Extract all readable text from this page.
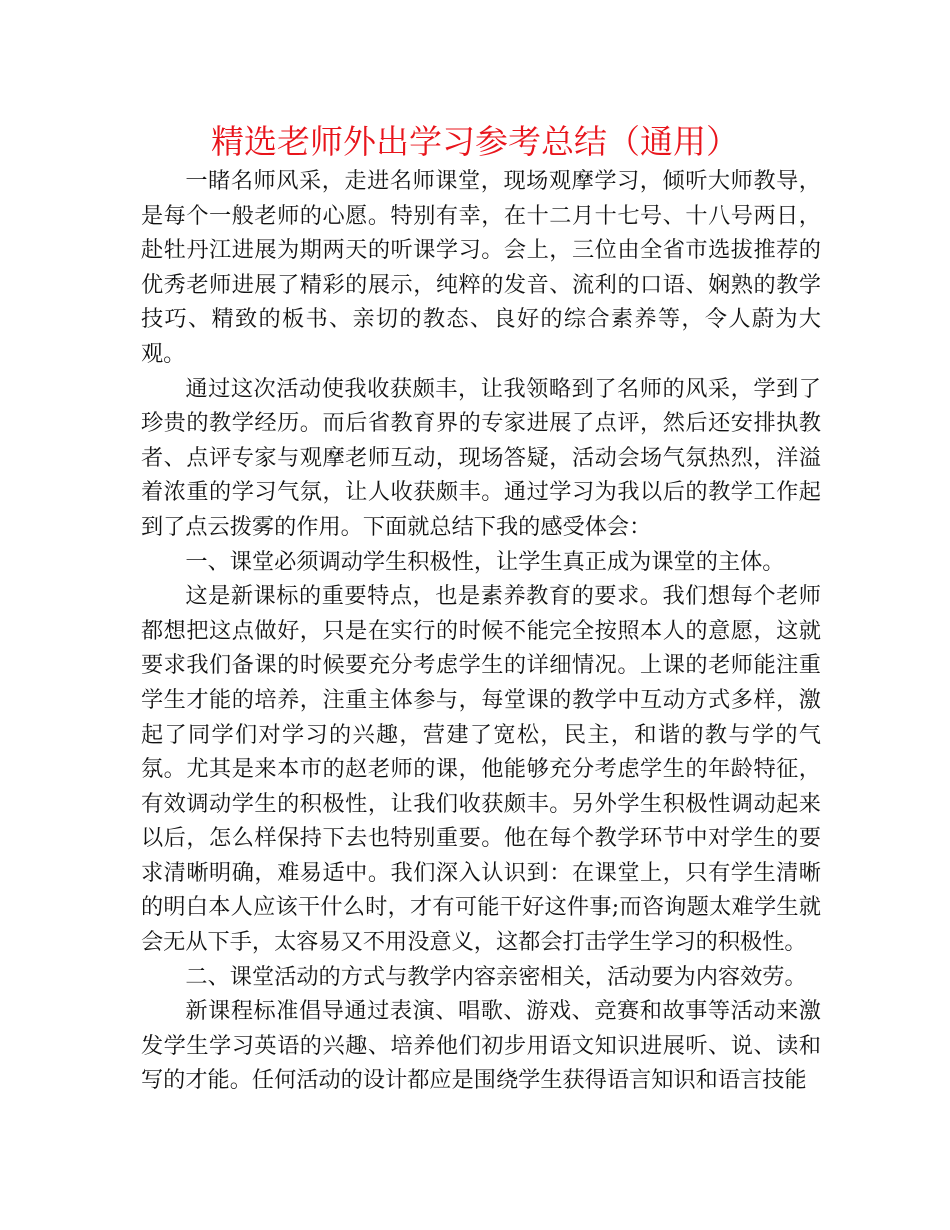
精选老师外出学习参考总结（通用）

一睹名师风采，走进名师课堂，现场观摩学习，倾听大师教导，是每个一般老师的心愿。特别有幸，在十二月十七号、十八号两日，赴牡丹江进展为期两天的听课学习。会上，三位由全省市选拔推荐的优秀老师进展了精彩的展示，纯粹的发音、流利的口语、娴熟的教学技巧、精致的板书、亲切的教态、良好的综合素养等，令人蔚为大观。

通过这次活动使我收获颇丰，让我领略到了名师的风采，学到了珍贵的教学经历。而后省教育界的专家进展了点评，然后还安排执教者、点评专家与观摩老师互动，现场答疑，活动会场气氛热烈，洋溢着浓重的学习气氛，让人收获颇丰。通过学习为我以后的教学工作起到了点云拨雾的作用。下面就总结下我的感受体会：

一、课堂必须调动学生积极性，让学生真正成为课堂的主体。

这是新课标的重要特点，也是素养教育的要求。我们想每个老师都想把这点做好，只是在实行的时候不能完全按照本人的意愿，这就要求我们备课的时候要充分考虑学生的详细情况。上课的老师能注重学生才能的培养，注重主体参与，每堂课的教学中互动方式多样，激起了同学们对学习的兴趣，营建了宽松，民主，和谐的教与学的气氛。尤其是来本市的赵老师的课，他能够充分考虑学生的年龄特征，有效调动学生的积极性，让我们收获颇丰。另外学生积极性调动起来以后，怎么样保持下去也特别重要。他在每个教学环节中对学生的要求清晰明确，难易适中。我们深入认识到：在课堂上，只有学生清晰的明白本人应该干什么时，才有可能干好这件事;而咨询题太难学生就会无从下手，太容易又不用没意义，这都会打击学生学习的积极性。

二、课堂活动的方式与教学内容亲密相关，活动要为内容效劳。

新课程标准倡导通过表演、唱歌、游戏、竞赛和故事等活动来激发学生学习英语的兴趣、培养他们初步用语文知识进展听、说、读和写的才能。任何活动的设计都应是围绕学生获得语言知识和语言技能
